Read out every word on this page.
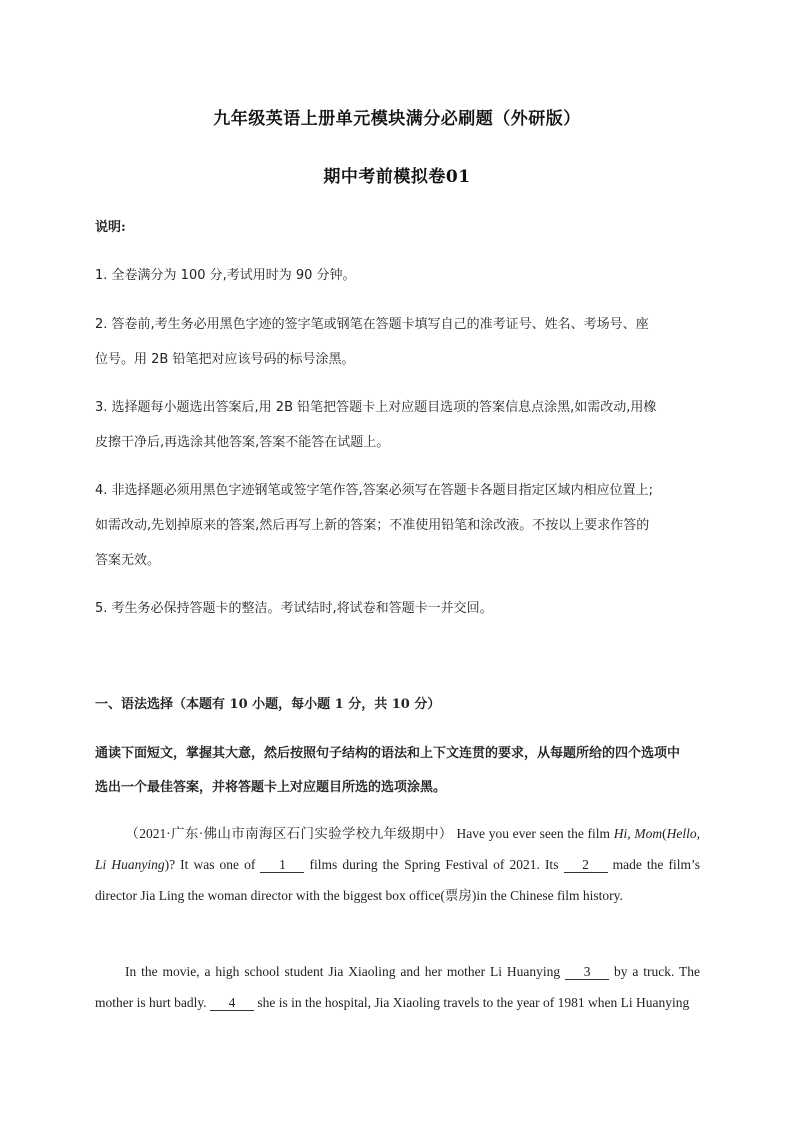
九年级英语上册单元模块满分必刷题（外研版）
期中考前模拟卷01
说明:
1. 全卷满分为 100 分,考试用时为 90 分钟。
2. 答卷前,考生务必用黑色字迹的签字笔或钢笔在答题卡填写自己的准考证号、姓名、考场号、座
位号。用 2B 铅笔把对应该号码的标号涂黑。
3. 选择题每小题选出答案后,用 2B 铅笔把答题卡上对应题目选项的答案信息点涂黑,如需改动,用橡
皮擦干净后,再选涂其他答案,答案不能答在试题上。
4. 非选择题必须用黑色字迹钢笔或签字笔作答,答案必须写在答题卡各题目指定区域内相应位置上;
如需改动,先划掉原来的答案,然后再写上新的答案；不准使用铅笔和涂改液。不按以上要求作答的
答案无效。
5. 考生务必保持答题卡的整洁。考试结时,将试卷和答题卡一并交回。
一、语法选择（本题有 10 小题，每小题 1 分，共 10 分）
通读下面短文，掌握其大意，然后按照句子结构的语法和上下文连贯的要求，从每题所给的四个选项中
选出一个最佳答案，并将答题卡上对应题目所选的选项涂黑。
（2021·广东·佛山市南海区石门实验学校九年级期中） Have you ever seen the film Hi, Mom(Hello, Li Huanying)? It was one of 1 films during the Spring Festival of 2021. Its 2 made the film’s director Jia Ling the woman director with the biggest box office(票房)in the Chinese film history.
In the movie, a high school student Jia Xiaoling and her mother Li Huanying 3 by a truck. The mother is hurt badly. 4 she is in the hospital, Jia Xiaoling travels to the year of 1981 when Li Huanying
